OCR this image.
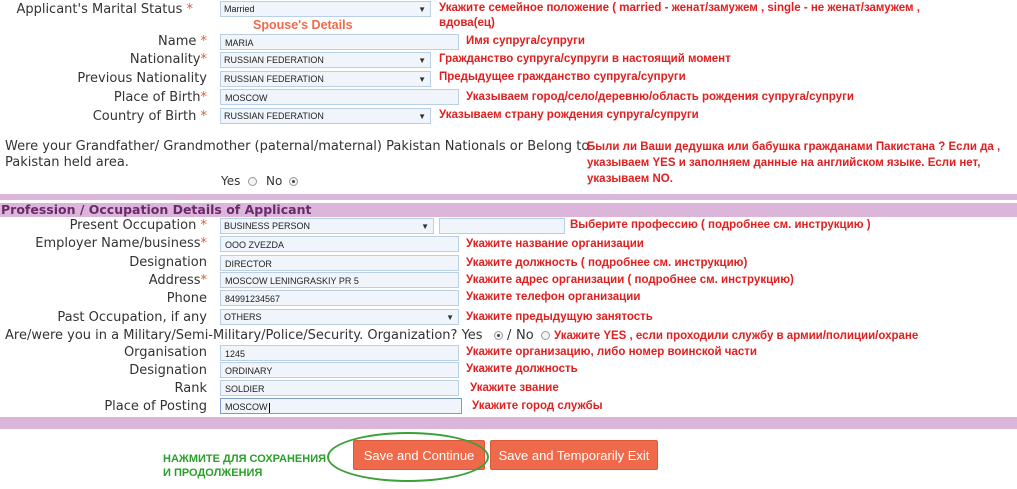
Applicant's Marital Status *	Married	▼ Укажите семейное положение ( married - женат/замужем , single - не женат/замужем ,
вдова(ец)
Spouse's Details
Name *	MARIA	Имя супруга/супруги
Nationality*	RUSSIAN FEDERATION	▼ Гражданство супруга/супруги в настоящий момент
Previous Nationality	RUSSIAN FEDERATION	▼ Предыдущее гражданство супруга/супруги
Place of Birth*	MOSCOW	Указываем город/село/деревню/область рождения супруга/супруги
Country of Birth *	RUSSIAN FEDERATION	▼ Указываем страну рождения супруга/супруги
Were your Grandfather/ Grandmother (paternal/maternal) Pakistan Nationals or Belong to
Pakistan held area.
Yes No
Были ли Ваши дедушка или бабушка гражданами Пакистана ? Если да ,
указываем YES и заполняем данные на английском языке. Если нет,
указываем NO.
Profession / Occupation Details of Applicant
Present Occupation *	BUSINESS PERSON	▼	Выберите профессию ( подробнее см. инструкцию )
Employer Name/business*	OOO ZVEZDA	Укажите название организации
Designation	DIRECTOR	Укажите должность ( подробнее см. инструкцию)
Address*	MOSCOW LENINGRASKIY PR 5	Укажите адрес организации ( подробнее см. инструкцию)
Phone	84991234567	Укажите телефон организации
Past Occupation, if any	OTHERS	▼ Укажите предыдущую занятость
Are/were you in a Military/Semi-Military/Police/Security. Organization? Yes / No Укажите YES , если проходили службу в армии/полиции/охране
Organisation	1245	Укажите организацию, либо номер воинской части
Designation	ORDINARY	Укажите должность
Rank	SOLDIER	Укажите звание
Place of Posting	MOSCOW	Укажите город службы
НАЖМИТЕ ДЛЯ СОХРАНЕНИЯ
И ПРОДОЛЖЕНИЯ
Save and Continue	Save and Temporarily Exit
